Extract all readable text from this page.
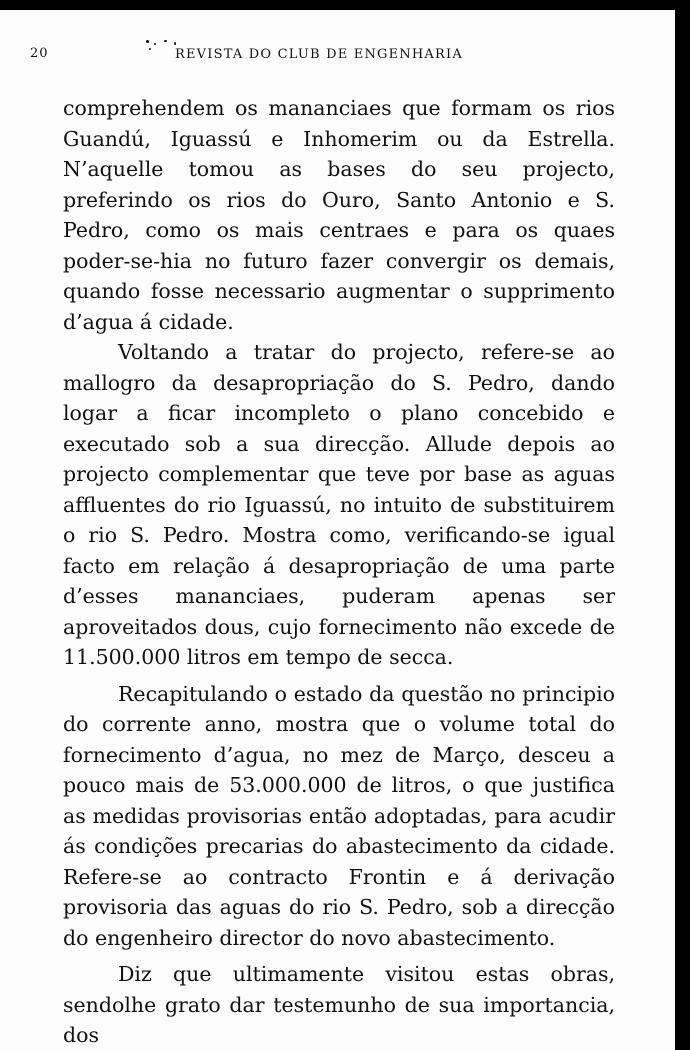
20	REVISTA DO CLUB DE ENGENHARIA

comprehendem os mananciaes que formam os rios Guandú, Iguassú e Inhomerim ou da Estrella. N’aquelle tomou as bases do seu projecto, preferindo os rios do Ouro, Santo Antonio e S. Pedro, como os mais centraes e para os quaes poder-se-hia no futuro fazer convergir os demais, quando fosse necessario augmentar o supprimento d’agua á cidade.

Voltando a tratar do projecto, refere-se ao mallogro da desapropriação do S. Pedro, dando logar a ficar incompleto o plano concebido e executado sob a sua direcção. Allude depois ao projecto complementar que teve por base as aguas affluentes do rio Iguassú, no intuito de substituirem o rio S. Pedro. Mostra como, verificando-se igual facto em relação á desapropriação de uma parte d’esses mananciaes, puderam apenas ser aproveitados dous, cujo fornecimento não excede de 11.500.000 litros em tempo de secca.

Recapitulando o estado da questão no principio do corrente anno, mostra que o volume total do fornecimento d’agua, no mez de Março, desceu a pouco mais de 53.000.000 de litros, o que justifica as medidas provisorias então adoptadas, para acudir ás condições precarias do abastecimento da cidade. Refere-se ao contracto Frontin e á derivação provisoria das aguas do rio S. Pedro, sob a direcção do engenheiro director do novo abastecimento.

Diz que ultimamente visitou estas obras, sendolhe grato dar testemunho de sua importancia, dos
